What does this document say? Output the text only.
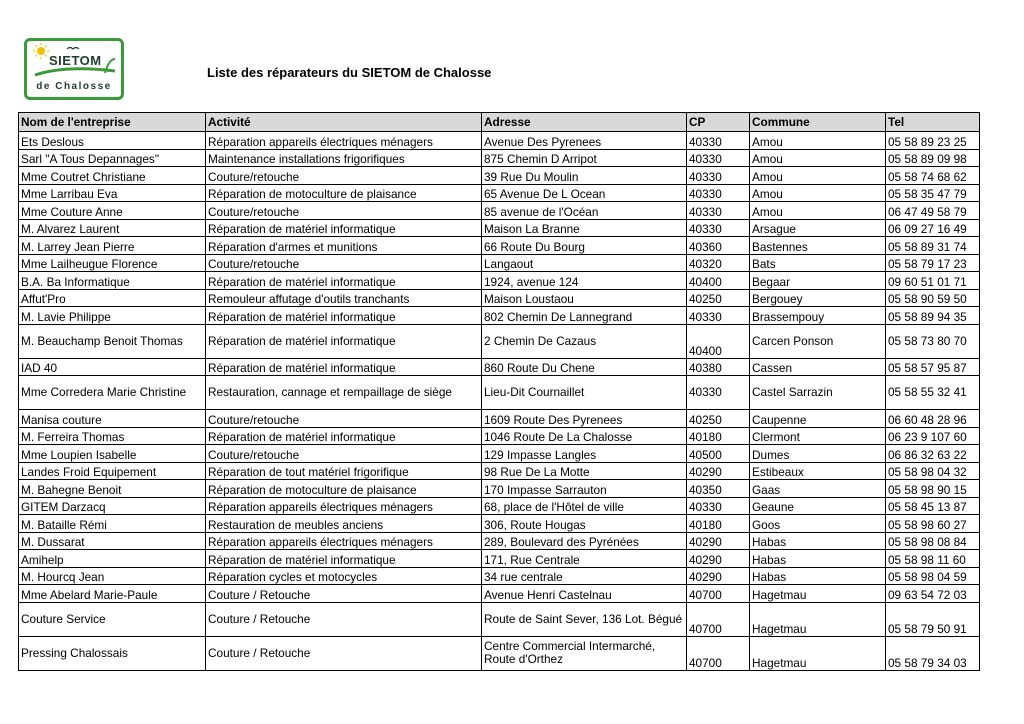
SIETOM
de Chalosse
Liste des réparateurs du SIETOM de Chalosse
Nom de l'entreprise	Activité	Adresse	CP	Commune	Tel
Ets Deslous	Réparation appareils électriques ménagers	Avenue Des Pyrenees	40330	Amou	05 58 89 23 25
Sarl "A Tous Depannages"	Maintenance installations frigorifiques	875 Chemin D Arripot	40330	Amou	05 58 89 09 98
Mme Coutret Christiane	Couture/retouche	39 Rue Du Moulin	40330	Amou	05 58 74 68 62
Mme Larribau Eva	Réparation de motoculture de plaisance	65 Avenue De L Ocean	40330	Amou	05 58 35 47 79
Mme Couture Anne	Couture/retouche	85 avenue de l'Océan	40330	Amou	06 47 49 58 79
M. Alvarez Laurent	Réparation de matériel informatique	Maison La Branne	40330	Arsague	06 09 27 16 49
M. Larrey Jean Pierre	Réparation d'armes et munitions	66 Route Du Bourg	40360	Bastennes	05 58 89 31 74
Mme Lailheugue Florence	Couture/retouche	Langaout	40320	Bats	05 58 79 17 23
B.A. Ba Informatique	Réparation de matériel informatique	1924, avenue 124	40400	Begaar	09 60 51 01 71
Affut'Pro	Remouleur affutage d'outils tranchants	Maison Loustaou	40250	Bergouey	05 58 90 59 50
M. Lavie Philippe	Réparation de matériel informatique	802 Chemin De Lannegrand	40330	Brassempouy	05 58 89 94 35
M. Beauchamp Benoit Thomas	Réparation de matériel informatique	2 Chemin De Cazaus	40400	Carcen Ponson	05 58 73 80 70
IAD 40	Réparation de matériel informatique	860 Route Du Chene	40380	Cassen	05 58 57 95 87
Mme Corredera Marie Christine	Restauration, cannage et rempaillage de siège	Lieu-Dit Cournaillet	40330	Castel Sarrazin	05 58 55 32 41
Manisa couture	Couture/retouche	1609 Route Des Pyrenees	40250	Caupenne	06 60 48 28 96
M. Ferreira Thomas	Réparation de matériel informatique	1046 Route De La Chalosse	40180	Clermont	06 23 9 107 60
Mme Loupien Isabelle	Couture/retouche	129 Impasse Langles	40500	Dumes	06 86 32 63 22
Landes Froid Equipement	Réparation de tout matériel frigorifique	98 Rue De La Motte	40290	Estibeaux	05 58 98 04 32
M. Bahegne Benoit	Réparation de motoculture de plaisance	170 Impasse Sarrauton	40350	Gaas	05 58 98 90 15
GITEM Darzacq	Réparation appareils électriques ménagers	68, place de l'Hôtel de ville	40330	Geaune	05 58 45 13 87
M. Bataille Rémi	Restauration de meubles anciens	306, Route Hougas	40180	Goos	05 58 98 60 27
M. Dussarat	Réparation appareils électriques ménagers	289, Boulevard des Pyrénées	40290	Habas	05 58 98 08 84
Amihelp	Réparation de matériel informatique	171, Rue Centrale	40290	Habas	05 58 98 11 60
M. Hourcq Jean	Réparation cycles et motocycles	34 rue centrale	40290	Habas	05 58 98 04 59
Mme Abelard Marie-Paule	Couture / Retouche	Avenue Henri Castelnau	40700	Hagetmau	09 63 54 72 03
Couture Service	Couture / Retouche	Route de Saint Sever, 136 Lot. Bégué	40700	Hagetmau	05 58 79 50 91
Pressing Chalossais	Couture / Retouche	Centre Commercial Intermarché, Route d'Orthez	40700	Hagetmau	05 58 79 34 03
